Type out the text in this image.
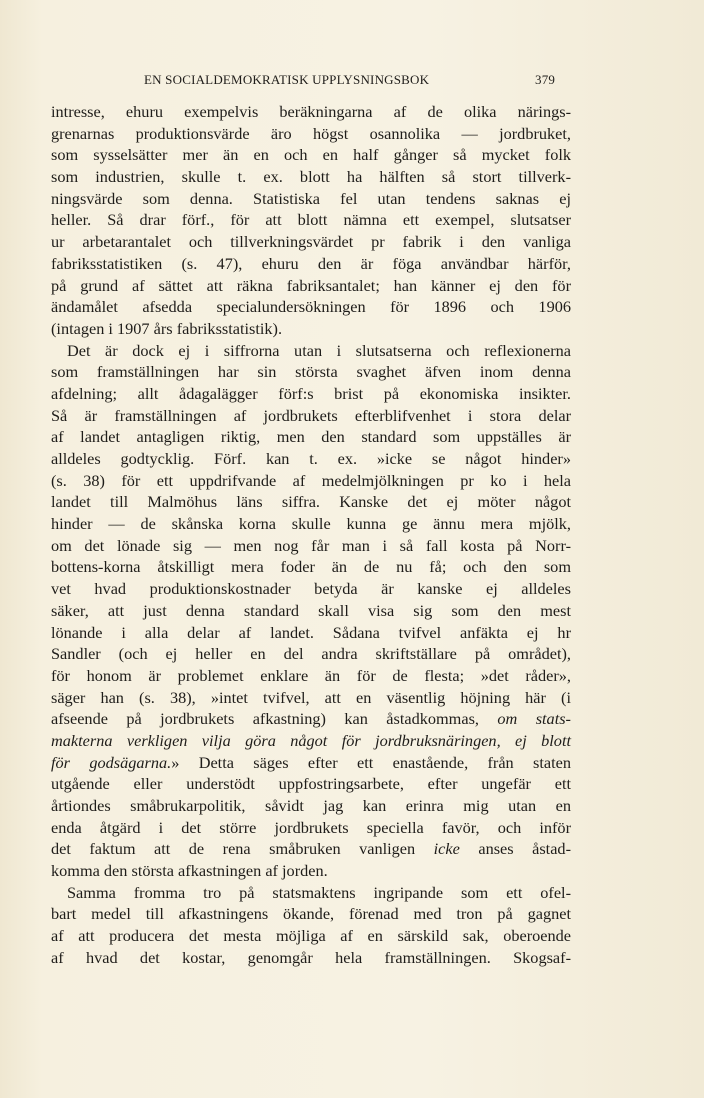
EN SOCIALDEMOKRATISK UPPLYSNINGSBOK	379
intresse, ehuru exempelvis beräkningarna af de olika närings-
grenarnas produktionsvärde äro högst osannolika — jordbruket,
som sysselsätter mer än en och en half gånger så mycket folk
som industrien, skulle t. ex. blott ha hälften så stort tillverk-
ningsvärde som denna. Statistiska fel utan tendens saknas ej
heller. Så drar förf., för att blott nämna ett exempel, slutsatser
ur arbetarantalet och tillverkningsvärdet pr fabrik i den vanliga
fabriksstatistiken (s. 47), ehuru den är föga användbar härför,
på grund af sättet att räkna fabriksantalet; han känner ej den för
ändamålet afsedda specialundersökningen för 1896 och 1906
(intagen i 1907 års fabriksstatistik).
Det är dock ej i siffrorna utan i slutsatserna och reflexionerna
som framställningen har sin största svaghet äfven inom denna
afdelning; allt ådagalägger förf:s brist på ekonomiska insikter.
Så är framställningen af jordbrukets efterblifvenhet i stora delar
af landet antagligen riktig, men den standard som uppställes är
alldeles godtycklig. Förf. kan t. ex. »icke se något hinder»
(s. 38) för ett uppdrifvande af medelmjölkningen pr ko i hela
landet till Malmöhus läns siffra. Kanske det ej möter något
hinder — de skånska korna skulle kunna ge ännu mera mjölk,
om det lönade sig — men nog får man i så fall kosta på Norr-
bottens-korna åtskilligt mera foder än de nu få; och den som
vet hvad produktionskostnader betyda är kanske ej alldeles
säker, att just denna standard skall visa sig som den mest
lönande i alla delar af landet. Sådana tvifvel anfäkta ej hr
Sandler (och ej heller en del andra skriftställare på området),
för honom är problemet enklare än för de flesta; »det råder»,
säger han (s. 38), »intet tvifvel, att en väsentlig höjning här (i
afseende på jordbrukets afkastning) kan åstadkommas, om stats-
makterna verkligen vilja göra något för jordbruksnäringen, ej blott
för godsägarna.» Detta säges efter ett enastående, från staten
utgående eller understödt uppfostringsarbete, efter ungefär ett
årtiondes småbrukarpolitik, såvidt jag kan erinra mig utan en
enda åtgärd i det större jordbrukets speciella favör, och inför
det faktum att de rena småbruken vanligen icke anses åstad-
komma den största afkastningen af jorden.
Samma fromma tro på statsmaktens ingripande som ett ofel-
bart medel till afkastningens ökande, förenad med tron på gagnet
af att producera det mesta möjliga af en särskild sak, oberoende
af hvad det kostar, genomgår hela framställningen. Skogsaf-
